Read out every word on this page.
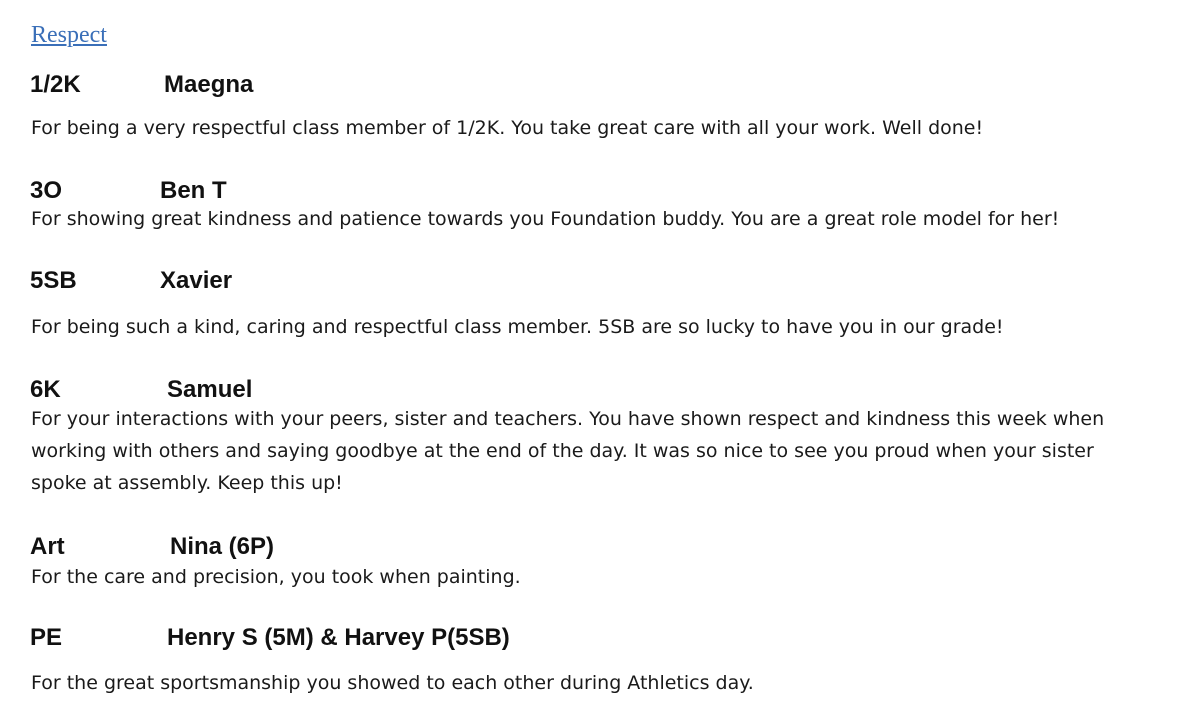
Respect
1/2K	Maegna
For being a very respectful class member of 1/2K. You take great care with all your work. Well done!
3O	Ben T
For showing great kindness and patience towards you Foundation buddy. You are a great role model for her!
5SB	Xavier
For being such a kind, caring and respectful class member. 5SB are so lucky to have you in our grade!
6K	Samuel
For your interactions with your peers, sister and teachers. You have shown respect and kindness this week when
working with others and saying goodbye at the end of the day. It was so nice to see you proud when your sister
spoke at assembly. Keep this up!
Art	Nina (6P)
For the care and precision, you took when painting.
PE	Henry S (5M) & Harvey P(5SB)
For the great sportsmanship you showed to each other during Athletics day.
